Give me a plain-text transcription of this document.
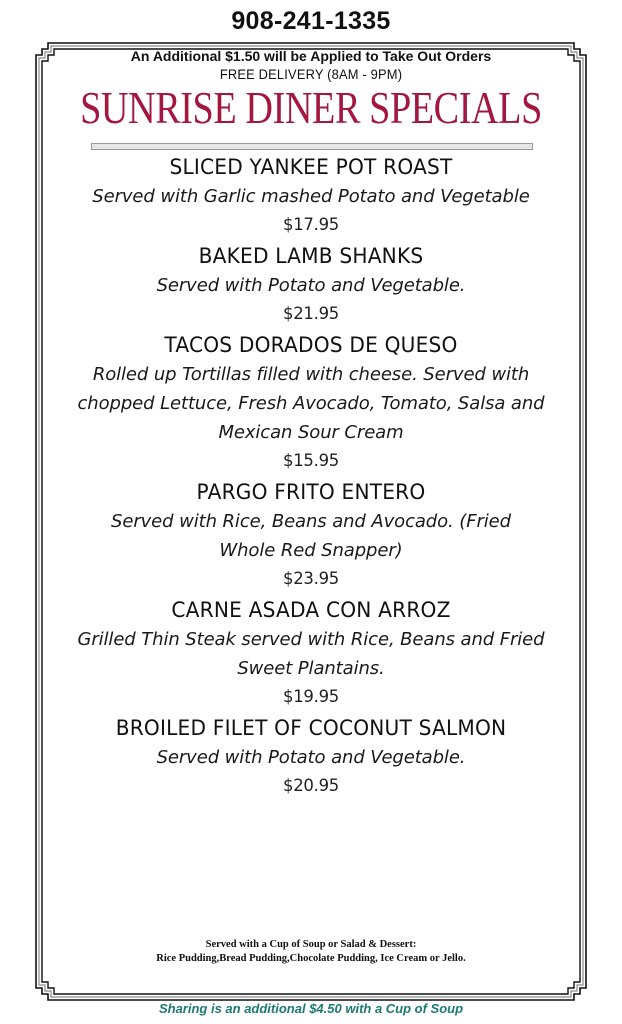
908-241-1335
An Additional $1.50 will be Applied to Take Out Orders
FREE DELIVERY (8AM - 9PM)
SUNRISE DINER SPECIALS
SLICED YANKEE POT ROAST
Served with Garlic mashed Potato and Vegetable
$17.95
BAKED LAMB SHANKS
Served with Potato and Vegetable.
$21.95
TACOS DORADOS DE QUESO
Rolled up Tortillas filled with cheese. Served with chopped Lettuce, Fresh Avocado, Tomato, Salsa and Mexican Sour Cream
$15.95
PARGO FRITO ENTERO
Served with Rice, Beans and Avocado. (Fried Whole Red Snapper)
$23.95
CARNE ASADA CON ARROZ
Grilled Thin Steak served with Rice, Beans and Fried Sweet Plantains.
$19.95
BROILED FILET OF COCONUT SALMON
Served with Potato and Vegetable.
$20.95
Served with a Cup of Soup or Salad & Dessert:
Rice Pudding,Bread Pudding,Chocolate Pudding, Ice Cream or Jello.
Sharing is an additional $4.50 with a Cup of Soup
